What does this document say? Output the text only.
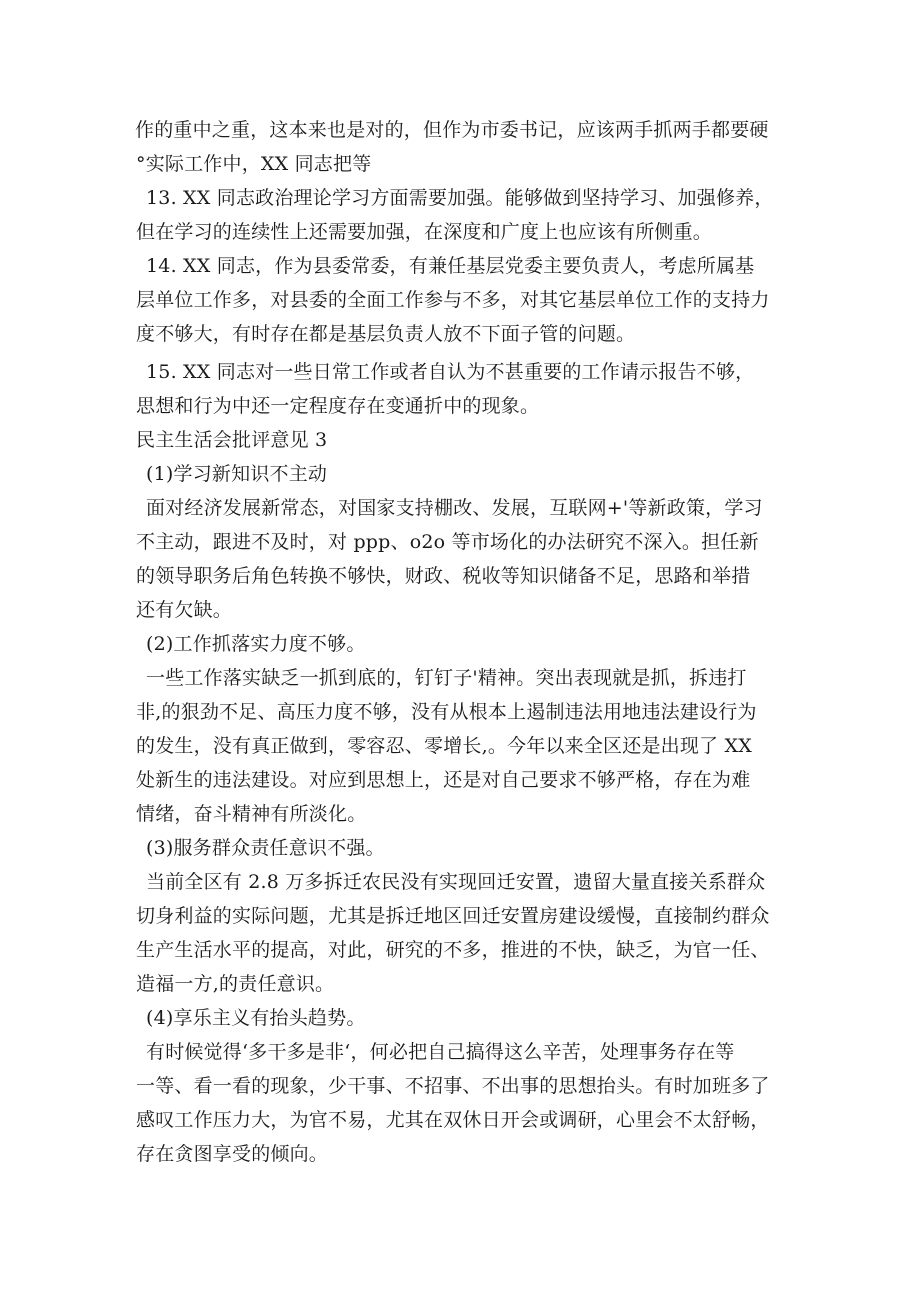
作的重中之重，这本来也是对的，但作为市委书记，应该两手抓两手都要硬
°实际工作中，XX 同志把等
13. XX 同志政治理论学习方面需要加强。能够做到坚持学习、加强修养，
但在学习的连续性上还需要加强，在深度和广度上也应该有所侧重。
14. XX 同志，作为县委常委，有兼任基层党委主要负责人，考虑所属基
层单位工作多，对县委的全面工作参与不多，对其它基层单位工作的支持力
度不够大，有时存在都是基层负责人放不下面子管的问题。
15. XX 同志对一些日常工作或者自认为不甚重要的工作请示报告不够，
思想和行为中还一定程度存在变通折中的现象。
民主生活会批评意见 3
(1)学习新知识不主动
面对经济发展新常态，对国家支持棚改、发展，互联网+'等新政策，学习
不主动，跟进不及时，对 ppp、o2o 等市场化的办法研究不深入。担任新
的领导职务后角色转换不够快，财政、税收等知识储备不足，思路和举措
还有欠缺。
(2)工作抓落实力度不够。
一些工作落实缺乏一抓到底的，钉钉子'精神。突出表现就是抓，拆违打
非,的狠劲不足、高压力度不够，没有从根本上遏制违法用地违法建设行为
的发生，没有真正做到，零容忍、零增长,。今年以来全区还是出现了 XX
处新生的违法建设。对应到思想上，还是对自己要求不够严格，存在为难
情绪，奋斗精神有所淡化。
(3)服务群众责任意识不强。
当前全区有 2.8 万多拆迁农民没有实现回迁安置，遗留大量直接关系群众
切身利益的实际问题，尤其是拆迁地区回迁安置房建设缓慢，直接制约群众
生产生活水平的提高，对此，研究的不多，推进的不快，缺乏，为官一任、
造福一方,的责任意识。
(4)享乐主义有抬头趋势。
有时候觉得‘多干多是非‘，何必把自己搞得这么辛苦，处理事务存在等
一等、看一看的现象，少干事、不招事、不出事的思想抬头。有时加班多了
感叹工作压力大，为官不易，尤其在双休日开会或调研，心里会不太舒畅，
存在贪图享受的倾向。
